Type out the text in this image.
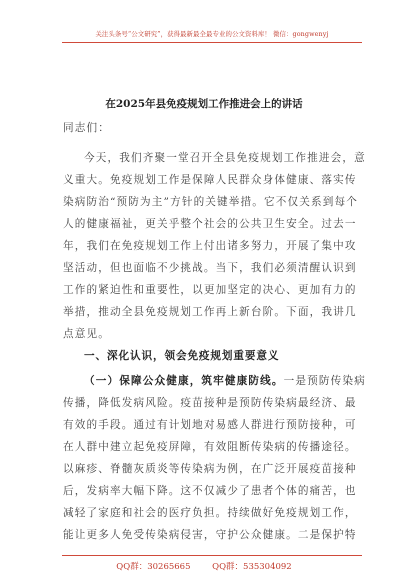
关注头条号“公文研究”，获得最新最全最专业的公文资料库！ 微信：gongwenyj
在2025年县免疫规划工作推进会上的讲话
同志们：
今天，我们齐聚一堂召开全县免疫规划工作推进会，意
义重大。免疫规划工作是保障人民群众身体健康、落实传
染病防治“预防为主”方针的关键举措。它不仅关系到每个
人的健康福祉，更关乎整个社会的公共卫生安全。过去一
年，我们在免疫规划工作上付出诸多努力，开展了集中攻
坚活动，但也面临不少挑战。当下，我们必须清醒认识到
工作的紧迫性和重要性，以更加坚定的决心、更加有力的
举措，推动全县免疫规划工作再上新台阶。下面，我讲几
点意见。
一、深化认识，领会免疫规划重要意义
（一）保障公众健康，筑牢健康防线。一是预防传染病
传播，降低发病风险。疫苗接种是预防传染病最经济、最
有效的手段。通过有计划地对易感人群进行预防接种，可
在人群中建立起免疫屏障，有效阻断传染病的传播途径。
以麻疹、脊髓灰质炎等传染病为例，在广泛开展疫苗接种
后，发病率大幅下降。这不仅减少了患者个体的痛苦，也
减轻了家庭和社会的医疗负担。持续做好免疫规划工作，
能让更多人免受传染病侵害，守护公众健康。二是保护特
QQ群：30265665        QQ群：535304092
